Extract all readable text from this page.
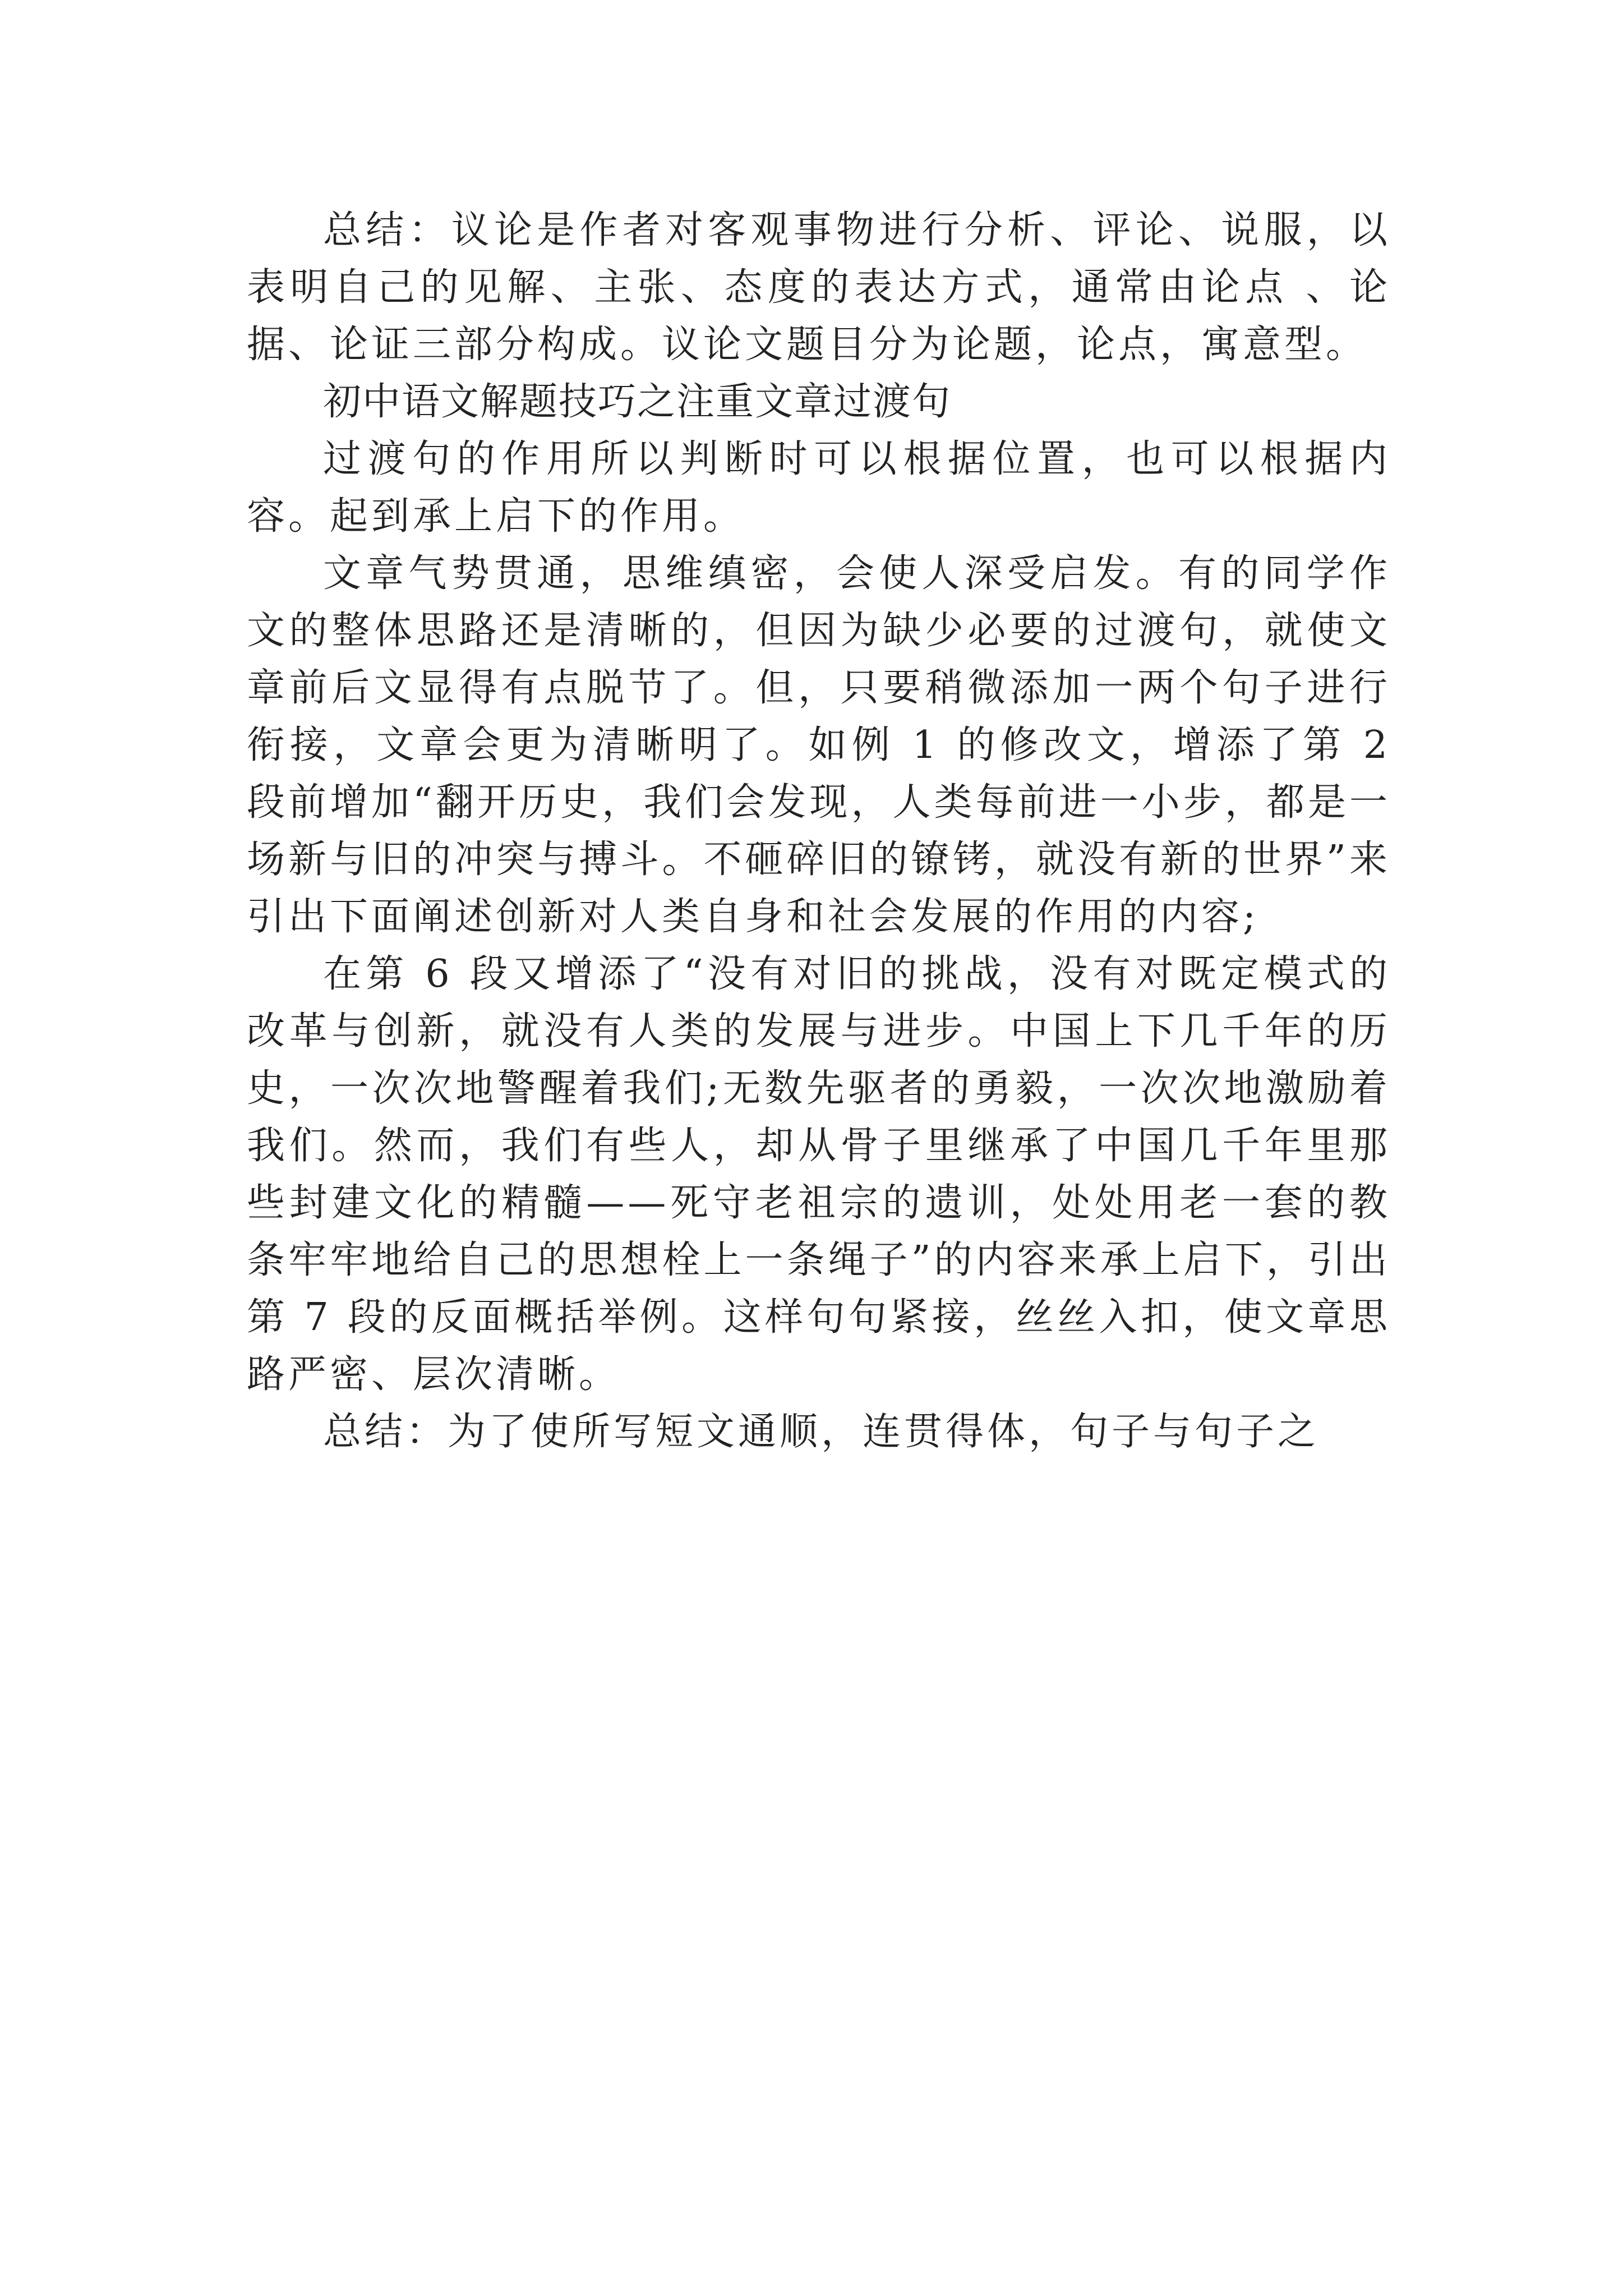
总结：议论是作者对客观事物进行分析、评论、说服，以表明自己的见解、主张、态度的表达方式，通常由论点 、论据、论证三部分构成。议论文题目分为论题，论点，寓意型。

初中语文解题技巧之注重文章过渡句

过渡句的作用所以判断时可以根据位置，也可以根据内容。起到承上启下的作用。

文章气势贯通，思维缜密，会使人深受启发。有的同学作文的整体思路还是清晰的，但因为缺少必要的过渡句，就使文章前后文显得有点脱节了。但，只要稍微添加一两个句子进行衔接，文章会更为清晰明了。如例 1 的修改文，增添了第 2 段前增加“翻开历史，我们会发现，人类每前进一小步，都是一场新与旧的冲突与搏斗。不砸碎旧的镣铐，就没有新的世界”来引出下面阐述创新对人类自身和社会发展的作用的内容;

在第 6 段又增添了“没有对旧的挑战，没有对既定模式的改革与创新，就没有人类的发展与进步。中国上下几千年的历史，一次次地警醒着我们;无数先驱者的勇毅，一次次地激励着我们。然而，我们有些人，却从骨子里继承了中国几千年里那些封建文化的精髓——死守老祖宗的遗训，处处用老一套的教条牢牢地给自己的思想栓上一条绳子”的内容来承上启下，引出第 7 段的反面概括举例。这样句句紧接，丝丝入扣，使文章思路严密、层次清晰。

总结：为了使所写短文通顺，连贯得体，句子与句子之
